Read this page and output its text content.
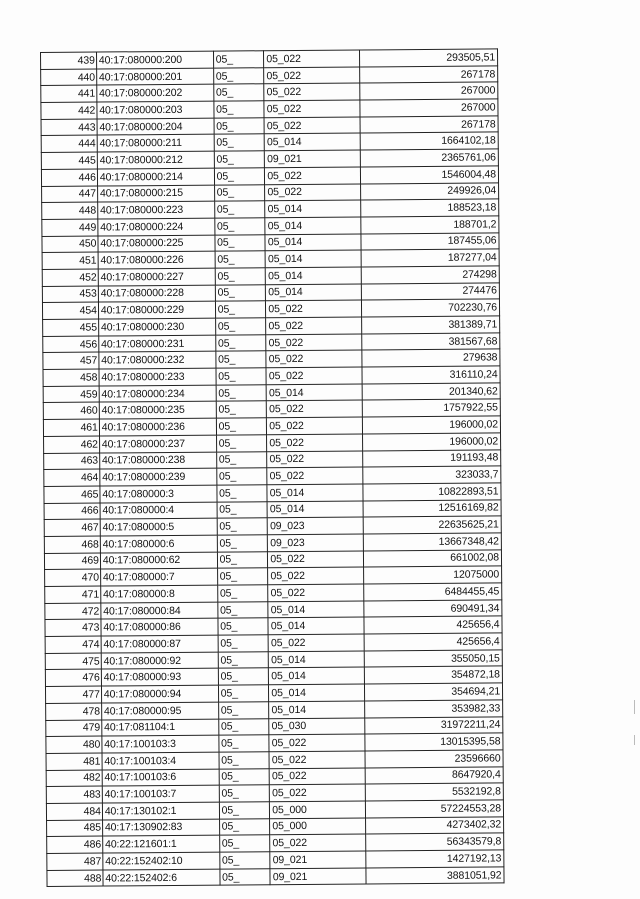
439	40:17:080000:200	05_	05_022	293505,51
440	40:17:080000:201	05_	05_022	267178
441	40:17:080000:202	05_	05_022	267000
442	40:17:080000:203	05_	05_022	267000
443	40:17:080000:204	05_	05_022	267178
444	40:17:080000:211	05_	05_014	1664102,18
445	40:17:080000:212	05_	09_021	2365761,06
446	40:17:080000:214	05_	05_022	1546004,48
447	40:17:080000:215	05_	05_022	249926,04
448	40:17:080000:223	05_	05_014	188523,18
449	40:17:080000:224	05_	05_014	188701,2
450	40:17:080000:225	05_	05_014	187455,06
451	40:17:080000:226	05_	05_014	187277,04
452	40:17:080000:227	05_	05_014	274298
453	40:17:080000:228	05_	05_014	274476
454	40:17:080000:229	05_	05_022	702230,76
455	40:17:080000:230	05_	05_022	381389,71
456	40:17:080000:231	05_	05_022	381567,68
457	40:17:080000:232	05_	05_022	279638
458	40:17:080000:233	05_	05_022	316110,24
459	40:17:080000:234	05_	05_014	201340,62
460	40:17:080000:235	05_	05_022	1757922,55
461	40:17:080000:236	05_	05_022	196000,02
462	40:17:080000:237	05_	05_022	196000,02
463	40:17:080000:238	05_	05_022	191193,48
464	40:17:080000:239	05_	05_022	323033,7
465	40:17:080000:3	05_	05_014	10822893,51
466	40:17:080000:4	05_	05_014	12516169,82
467	40:17:080000:5	05_	09_023	22635625,21
468	40:17:080000:6	05_	09_023	13667348,42
469	40:17:080000:62	05_	05_022	661002,08
470	40:17:080000:7	05_	05_022	12075000
471	40:17:080000:8	05_	05_022	6484455,45
472	40:17:080000:84	05_	05_014	690491,34
473	40:17:080000:86	05_	05_014	425656,4
474	40:17:080000:87	05_	05_022	425656,4
475	40:17:080000:92	05_	05_014	355050,15
476	40:17:080000:93	05_	05_014	354872,18
477	40:17:080000:94	05_	05_014	354694,21
478	40:17:080000:95	05_	05_014	353982,33
479	40:17:081104:1	05_	05_030	31972211,24
480	40:17:100103:3	05_	05_022	13015395,58
481	40:17:100103:4	05_	05_022	23596660
482	40:17:100103:6	05_	05_022	8647920,4
483	40:17:100103:7	05_	05_022	5532192,8
484	40:17:130102:1	05_	05_000	57224553,28
485	40:17:130902:83	05_	05_000	4273402,32
486	40:22:121601:1	05_	05_022	56343579,8
487	40:22:152402:10	05_	09_021	1427192,13
488	40:22:152402:6	05_	09_021	3881051,92
